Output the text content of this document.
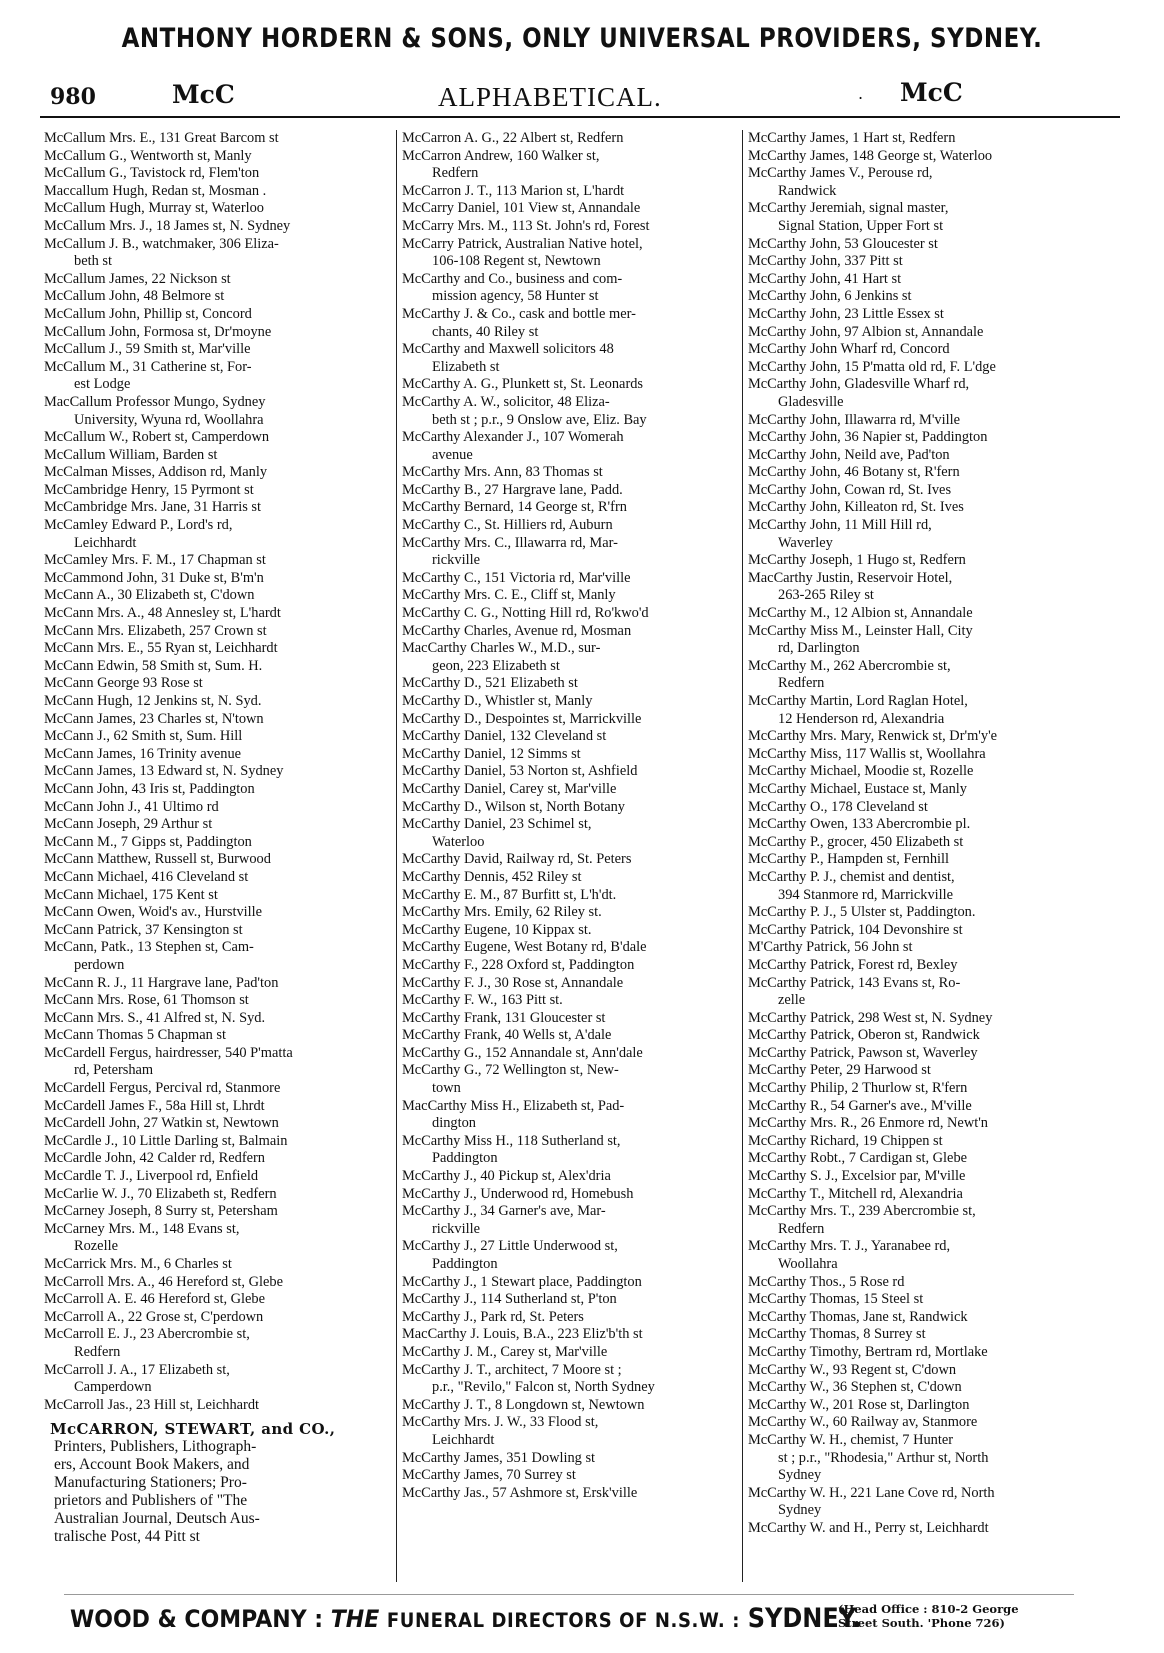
ANTHONY HORDERN & SONS, ONLY UNIVERSAL PROVIDERS, SYDNEY.
980	McC	ALPHABETICAL.	. McC
McCallum Mrs. E., 131 Great Barcom st
McCallum G., Wentworth st, Manly
McCallum G., Tavistock rd, Flem'ton
Maccallum Hugh, Redan st, Mosman .
McCallum Hugh, Murray st, Waterloo
McCallum Mrs. J., 18 James st, N. Sydney
McCallum J. B., watchmaker, 306 Eliza-
beth st
McCallum James, 22 Nickson st
McCallum John, 48 Belmore st
McCallum John, Phillip st, Concord
McCallum John, Formosa st, Dr'moyne
McCallum J., 59 Smith st, Mar'ville
McCallum M., 31 Catherine st, For-
est Lodge
MacCallum Professor Mungo, Sydney
University, Wyuna rd, Woollahra
McCallum W., Robert st, Camperdown
McCallum William, Barden st
McCalman Misses, Addison rd, Manly
McCambridge Henry, 15 Pyrmont st
McCambridge Mrs. Jane, 31 Harris st
McCamley Edward P., Lord's rd,
Leichhardt
McCamley Mrs. F. M., 17 Chapman st
McCammond John, 31 Duke st, B'm'n
McCann A., 30 Elizabeth st, C'down
McCann Mrs. A., 48 Annesley st, L'hardt
McCann Mrs. Elizabeth, 257 Crown st
McCann Mrs. E., 55 Ryan st, Leichhardt
McCann Edwin, 58 Smith st, Sum. H.
McCann George 93 Rose st
McCann Hugh, 12 Jenkins st, N. Syd.
McCann James, 23 Charles st, N'town
McCann J., 62 Smith st, Sum. Hill
McCann James, 16 Trinity avenue
McCann James, 13 Edward st, N. Sydney
McCann John, 43 Iris st, Paddington
McCann John J., 41 Ultimo rd
McCann Joseph, 29 Arthur st
McCann M., 7 Gipps st, Paddington
McCann Matthew, Russell st, Burwood
McCann Michael, 416 Cleveland st
McCann Michael, 175 Kent st
McCann Owen, Woid's av., Hurstville
McCann Patrick, 37 Kensington st
McCann, Patk., 13 Stephen st, Cam-
perdown
McCann R. J., 11 Hargrave lane, Pad'ton
McCann Mrs. Rose, 61 Thomson st
McCann Mrs. S., 41 Alfred st, N. Syd.
McCann Thomas 5 Chapman st
McCardell Fergus, hairdresser, 540 P'matta
rd, Petersham
McCardell Fergus, Percival rd, Stanmore
McCardell James F., 58a Hill st, Lhrdt
McCardell John, 27 Watkin st, Newtown
McCardle J., 10 Little Darling st, Balmain
McCardle John, 42 Calder rd, Redfern
McCardle T. J., Liverpool rd, Enfield
McCarlie W. J., 70 Elizabeth st, Redfern
McCarney Joseph, 8 Surry st, Petersham
McCarney Mrs. M., 148 Evans st,
Rozelle
McCarrick Mrs. M., 6 Charles st
McCarroll Mrs. A., 46 Hereford st, Glebe
McCarroll A. E. 46 Hereford st, Glebe
McCarroll A., 22 Grose st, C'perdown
McCarroll E. J., 23 Abercrombie st,
Redfern
McCarroll J. A., 17 Elizabeth st,
Camperdown
McCarroll Jas., 23 Hill st, Leichhardt
McCARRON, STEWART, and CO.,
Printers, Publishers, Lithograph-
ers, Account Book Makers, and
Manufacturing Stationers; Pro-
prietors and Publishers of "The
Australian Journal, Deutsch Aus-
tralische Post, 44 Pitt st
McCarron A. G., 22 Albert st, Redfern
McCarron Andrew, 160 Walker st,
Redfern
McCarron J. T., 113 Marion st, L'hardt
McCarry Daniel, 101 View st, Annandale
McCarry Mrs. M., 113 St. John's rd, Forest
McCarry Patrick, Australian Native hotel,
106-108 Regent st, Newtown
McCarthy and Co., business and com-
mission agency, 58 Hunter st
McCarthy J. & Co., cask and bottle mer-
chants, 40 Riley st
McCarthy and Maxwell solicitors 48
Elizabeth st
McCarthy A. G., Plunkett st, St. Leonards
McCarthy A. W., solicitor, 48 Eliza-
beth st ; p.r., 9 Onslow ave, Eliz. Bay
McCarthy Alexander J., 107 Womerah
avenue
McCarthy Mrs. Ann, 83 Thomas st
McCarthy B., 27 Hargrave lane, Padd.
McCarthy Bernard, 14 George st, R'frn
McCarthy C., St. Hilliers rd, Auburn
McCarthy Mrs. C., Illawarra rd, Mar-
rickville
McCarthy C., 151 Victoria rd, Mar'ville
McCarthy Mrs. C. E., Cliff st, Manly
McCarthy C. G., Notting Hill rd, Ro'kwo'd
McCarthy Charles, Avenue rd, Mosman
MacCarthy Charles W., M.D., sur-
geon, 223 Elizabeth st
McCarthy D., 521 Elizabeth st
McCarthy D., Whistler st, Manly
McCarthy D., Despointes st, Marrickville
McCarthy Daniel, 132 Cleveland st
McCarthy Daniel, 12 Simms st
McCarthy Daniel, 53 Norton st, Ashfield
McCarthy Daniel, Carey st, Mar'ville
McCarthy D., Wilson st, North Botany
McCarthy Daniel, 23 Schimel st,
Waterloo
McCarthy David, Railway rd, St. Peters
McCarthy Dennis, 452 Riley st
McCarthy E. M., 87 Burfitt st, L'h'dt.
McCarthy Mrs. Emily, 62 Riley st.
McCarthy Eugene, 10 Kippax st.
McCarthy Eugene, West Botany rd, B'dale
McCarthy F., 228 Oxford st, Paddington
McCarthy F. J., 30 Rose st, Annandale
McCarthy F. W., 163 Pitt st.
McCarthy Frank, 131 Gloucester st
McCarthy Frank, 40 Wells st, A'dale
McCarthy G., 152 Annandale st, Ann'dale
McCarthy G., 72 Wellington st, New-
town
MacCarthy Miss H., Elizabeth st, Pad-
dington
McCarthy Miss H., 118 Sutherland st,
Paddington
McCarthy J., 40 Pickup st, Alex'dria
McCarthy J., Underwood rd, Homebush
McCarthy J., 34 Garner's ave, Mar-
rickville
McCarthy J., 27 Little Underwood st,
Paddington
McCarthy J., 1 Stewart place, Paddington
McCarthy J., 114 Sutherland st, P'ton
McCarthy J., Park rd, St. Peters
MacCarthy J. Louis, B.A., 223 Eliz'b'th st
McCarthy J. M., Carey st, Mar'ville
McCarthy J. T., architect, 7 Moore st ;
p.r., "Revilo," Falcon st, North Sydney
McCarthy J. T., 8 Longdown st, Newtown
McCarthy Mrs. J. W., 33 Flood st,
Leichhardt
McCarthy James, 351 Dowling st
McCarthy James, 70 Surrey st
McCarthy Jas., 57 Ashmore st, Ersk'ville
McCarthy James, 1 Hart st, Redfern
McCarthy James, 148 George st, Waterloo
McCarthy James V., Perouse rd,
Randwick
McCarthy Jeremiah, signal master,
Signal Station, Upper Fort st
McCarthy John, 53 Gloucester st
McCarthy John, 337 Pitt st
McCarthy John, 41 Hart st
McCarthy John, 6 Jenkins st
McCarthy John, 23 Little Essex st
McCarthy John, 97 Albion st, Annandale
McCarthy John Wharf rd, Concord
McCarthy John, 15 P'matta old rd, F. L'dge
McCarthy John, Gladesville Wharf rd,
Gladesville
McCarthy John, Illawarra rd, M'ville
McCarthy John, 36 Napier st, Paddington
McCarthy John, Neild ave, Pad'ton
McCarthy John, 46 Botany st, R'fern
McCarthy John, Cowan rd, St. Ives
McCarthy John, Killeaton rd, St. Ives
McCarthy John, 11 Mill Hill rd,
Waverley
McCarthy Joseph, 1 Hugo st, Redfern
MacCarthy Justin, Reservoir Hotel,
263-265 Riley st
McCarthy M., 12 Albion st, Annandale
McCarthy Miss M., Leinster Hall, City
rd, Darlington
McCarthy M., 262 Abercrombie st,
Redfern
McCarthy Martin, Lord Raglan Hotel,
12 Henderson rd, Alexandria
McCarthy Mrs. Mary, Renwick st, Dr'm'y'e
McCarthy Miss, 117 Wallis st, Woollahra
McCarthy Michael, Moodie st, Rozelle
McCarthy Michael, Eustace st, Manly
McCarthy O., 178 Cleveland st
McCarthy Owen, 133 Abercrombie pl.
McCarthy P., grocer, 450 Elizabeth st
McCarthy P., Hampden st, Fernhill
McCarthy P. J., chemist and dentist,
394 Stanmore rd, Marrickville
McCarthy P. J., 5 Ulster st, Paddington.
McCarthy Patrick, 104 Devonshire st
M'Carthy Patrick, 56 John st
McCarthy Patrick, Forest rd, Bexley
McCarthy Patrick, 143 Evans st, Ro-
zelle
McCarthy Patrick, 298 West st, N. Sydney
McCarthy Patrick, Oberon st, Randwick
McCarthy Patrick, Pawson st, Waverley
McCarthy Peter, 29 Harwood st
McCarthy Philip, 2 Thurlow st, R'fern
McCarthy R., 54 Garner's ave., M'ville
McCarthy Mrs. R., 26 Enmore rd, Newt'n
McCarthy Richard, 19 Chippen st
McCarthy Robt., 7 Cardigan st, Glebe
McCarthy S. J., Excelsior par, M'ville
McCarthy T., Mitchell rd, Alexandria
McCarthy Mrs. T., 239 Abercrombie st,
Redfern
McCarthy Mrs. T. J., Yaranabee rd,
Woollahra
McCarthy Thos., 5 Rose rd
McCarthy Thomas, 15 Steel st
McCarthy Thomas, Jane st, Randwick
McCarthy Thomas, 8 Surrey st
McCarthy Timothy, Bertram rd, Mortlake
McCarthy W., 93 Regent st, C'down
McCarthy W., 36 Stephen st, C'down
McCarthy W., 201 Rose st, Darlington
McCarthy W., 60 Railway av, Stanmore
McCarthy W. H., chemist, 7 Hunter
st ; p.r., "Rhodesia," Arthur st, North
Sydney
McCarthy W. H., 221 Lane Cove rd, North
Sydney
McCarthy W. and H., Perry st, Leichhardt
WOOD & COMPANY : THE FUNERAL DIRECTORS OF N.S.W. : SYDNEY.
(Head Office : 810-2 George
Street South. 'Phone 726)
